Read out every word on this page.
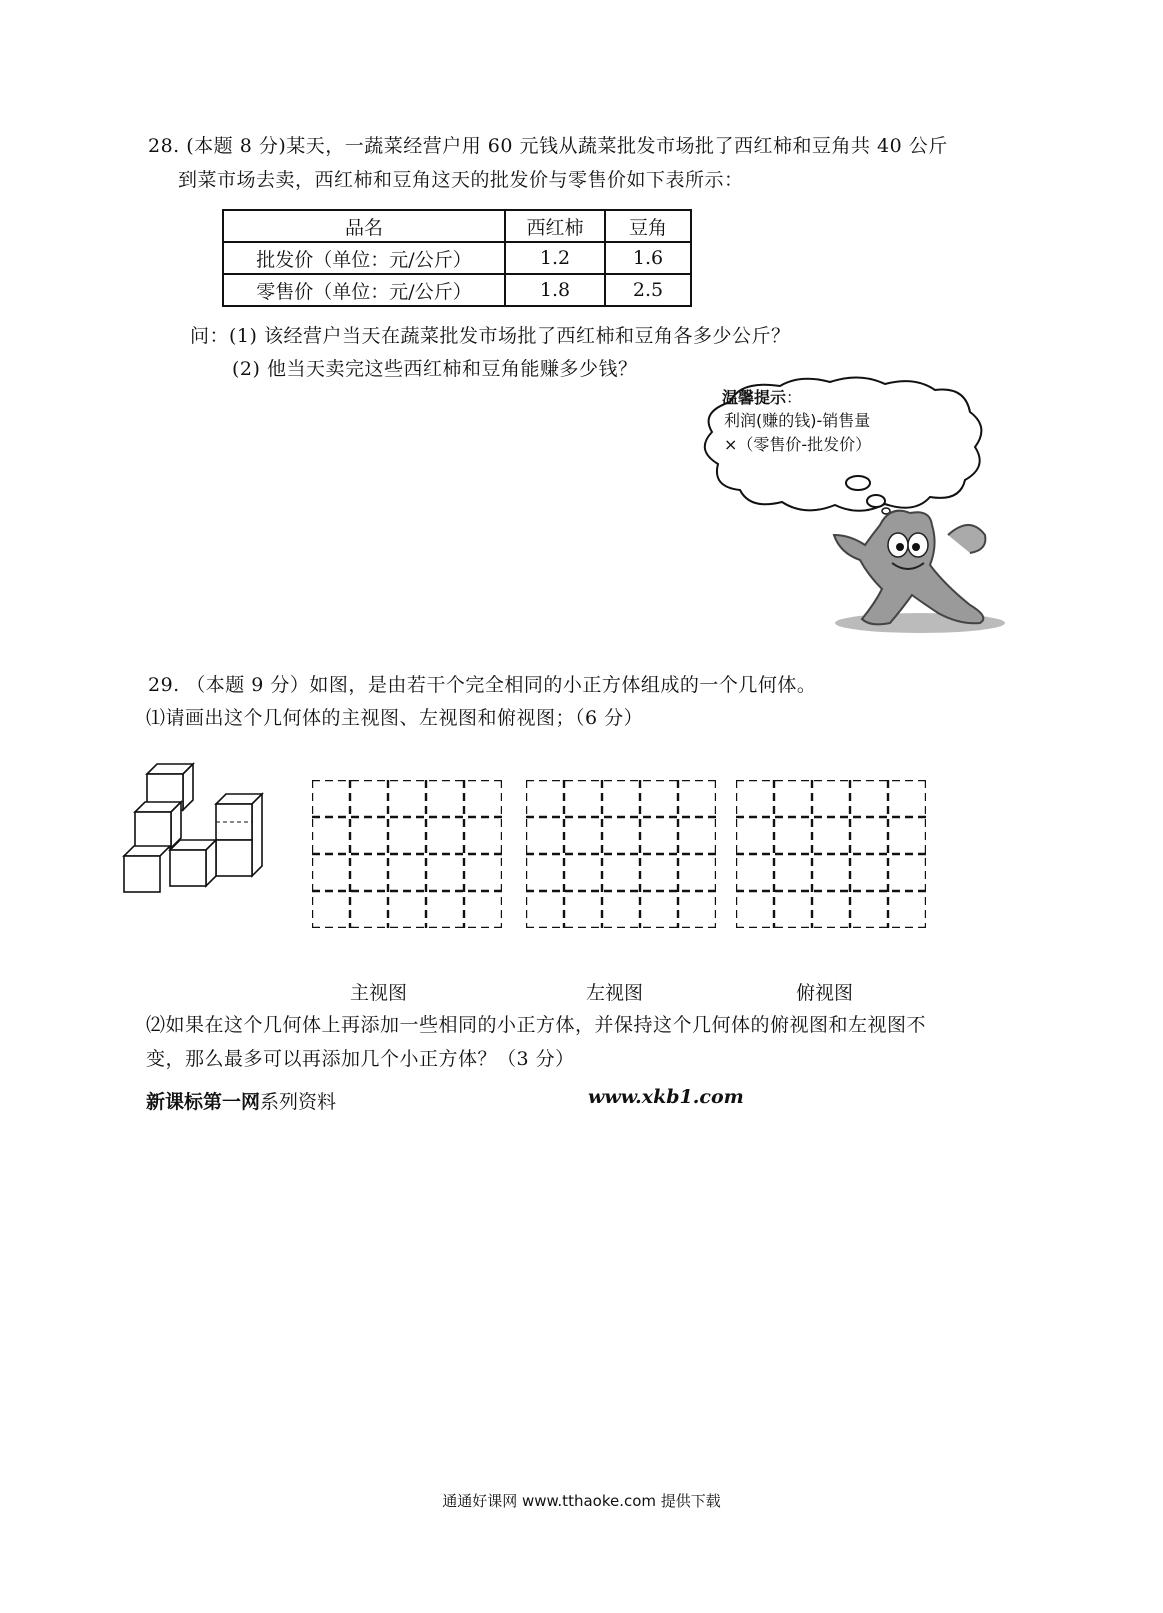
28. (本题 8 分)某天，一蔬菜经营户用 60 元钱从蔬菜批发市场批了西红柿和豆角共 40 公斤
到菜市场去卖，西红柿和豆角这天的批发价与零售价如下表所示：
品名	西红柿	豆角
批发价（单位：元/公斤）	1.2	1.6
零售价（单位：元/公斤）	1.8	2.5
问：(1) 该经营户当天在蔬菜批发市场批了西红柿和豆角各多少公斤？
(2) 他当天卖完这些西红柿和豆角能赚多少钱？
温馨提示：
利润(赚的钱)-销售量
×（零售价-批发价）
29. （本题 9 分）如图，是由若干个完全相同的小正方体组成的一个几何体。
⑴请画出这个几何体的主视图、左视图和俯视图；（6 分）
主视图	左视图	俯视图
⑵如果在这个几何体上再添加一些相同的小正方体，并保持这个几何体的俯视图和左视图不
变，那么最多可以再添加几个小正方体？（3 分）
新课标第一网系列资料	www.xkb1.com
通通好课网 www.tthaoke.com 提供下载
